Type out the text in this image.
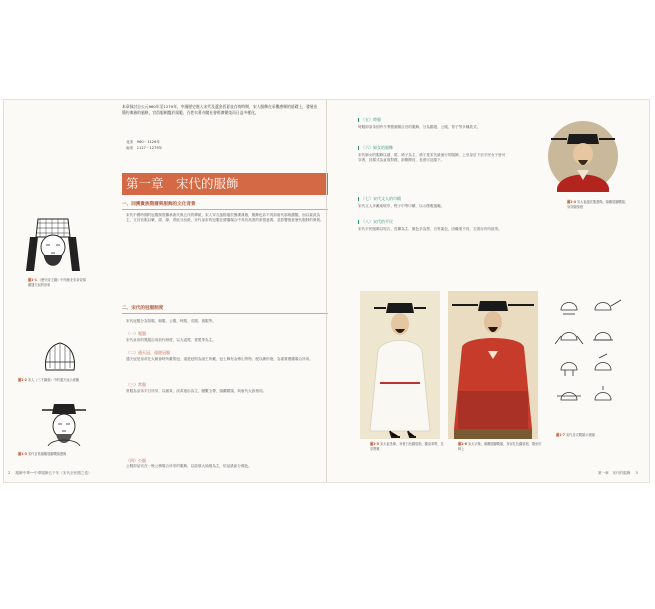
本章探討自公元960年至1279年，中國歷史進入宋代及遼金西夏並存的時期，宋人服飾在承襲唐制的基礎上，發展出簡約典雅的風格，官員服制趨於規範，百姓衣著亦隨社會經濟繁榮而日益多樣化。
北宋　960－1126年
南宋　1127－1279年
第一章　宋代的服飾
一、回溯貴族階層與服飾的文化背景
宋代中國時期的冠服制度繼承唐代與五代的傳統，宋人穿衣風格趨於簡潔典雅，服飾色彩不再如唐代那般濃豔，而以素淡為主，文官官服以紫、緋、綠、青區分品級，宋代皇帝的冠服在禮儀場合中具有高度的象徵意義，並影響後世歷代服制的發展。
二、宋代的冠服制度
宋代冠服分為祭服、朝服、公服、時服、戎服、喪服等。
（一）冕服
宋代皇帝的冕服沿用前代制度，以大裘冕、袞冕等為主。
（二）通天冠、遠遊冠服
通天冠是皇帝在大朝會時所戴的冠，遠遊冠則為諸王所戴，冠上飾有金博山等物，配以絳紗袍，為重要禮儀場合所用。
（三）常服
常服為皇帝平日所穿，以赭黃、淡黃袍衫為主，腰繫玉帶，頭戴幞頭，與唐代大致相同。
（四）公服
公服即品官在一般公務場合所穿的服飾，以曲領大袖袍為主，依品級區分顏色。
圖1-1 《歷代帝王圖》中所繪北宋皇帝頭戴通天冠的形象
圖1-2 宋人《三才圖會》中的通天冠示意圖
圖1-3 宋代官員頭戴展腳幞頭畫像
2 服飾中華──中華服飾五千年（宋代至民國之卷）
（五）時服
時服即皇帝依時令季節頒賜百官的服飾，分為錦袍、公服、背子等多種款式。
（六）婦女的服飾
宋代婦女的服飾以襦、裙、褙子為主，褙子是宋代最流行的服飾，上至皇后下至平民女子皆可穿著，其樣式為直領對襟，兩側開衩，長度可及膝下。
（七）宋代文人的巾幘
宋代文人多戴東坡巾、程子巾等巾幘，以示儒雅風範。
（八）宋代的平民
宋代平民服飾以短衣、長褲為主，顏色多為黑、白等素色，因職業不同，衣著亦有所區別。
圖1-4 宋太祖趙匡胤畫像，頭戴展腳幞頭，身穿圓領袍
圖1-5 宋太祖坐像，身著白色圓領袍，腰束革帶，足穿黑靴
圖1-6 宋太宗像，頭戴展腳幞頭，身穿紅色圓領袍，端坐於椅上
圖1-7 宋代各式幞頭示意圖
第一章　宋代的服飾 3
